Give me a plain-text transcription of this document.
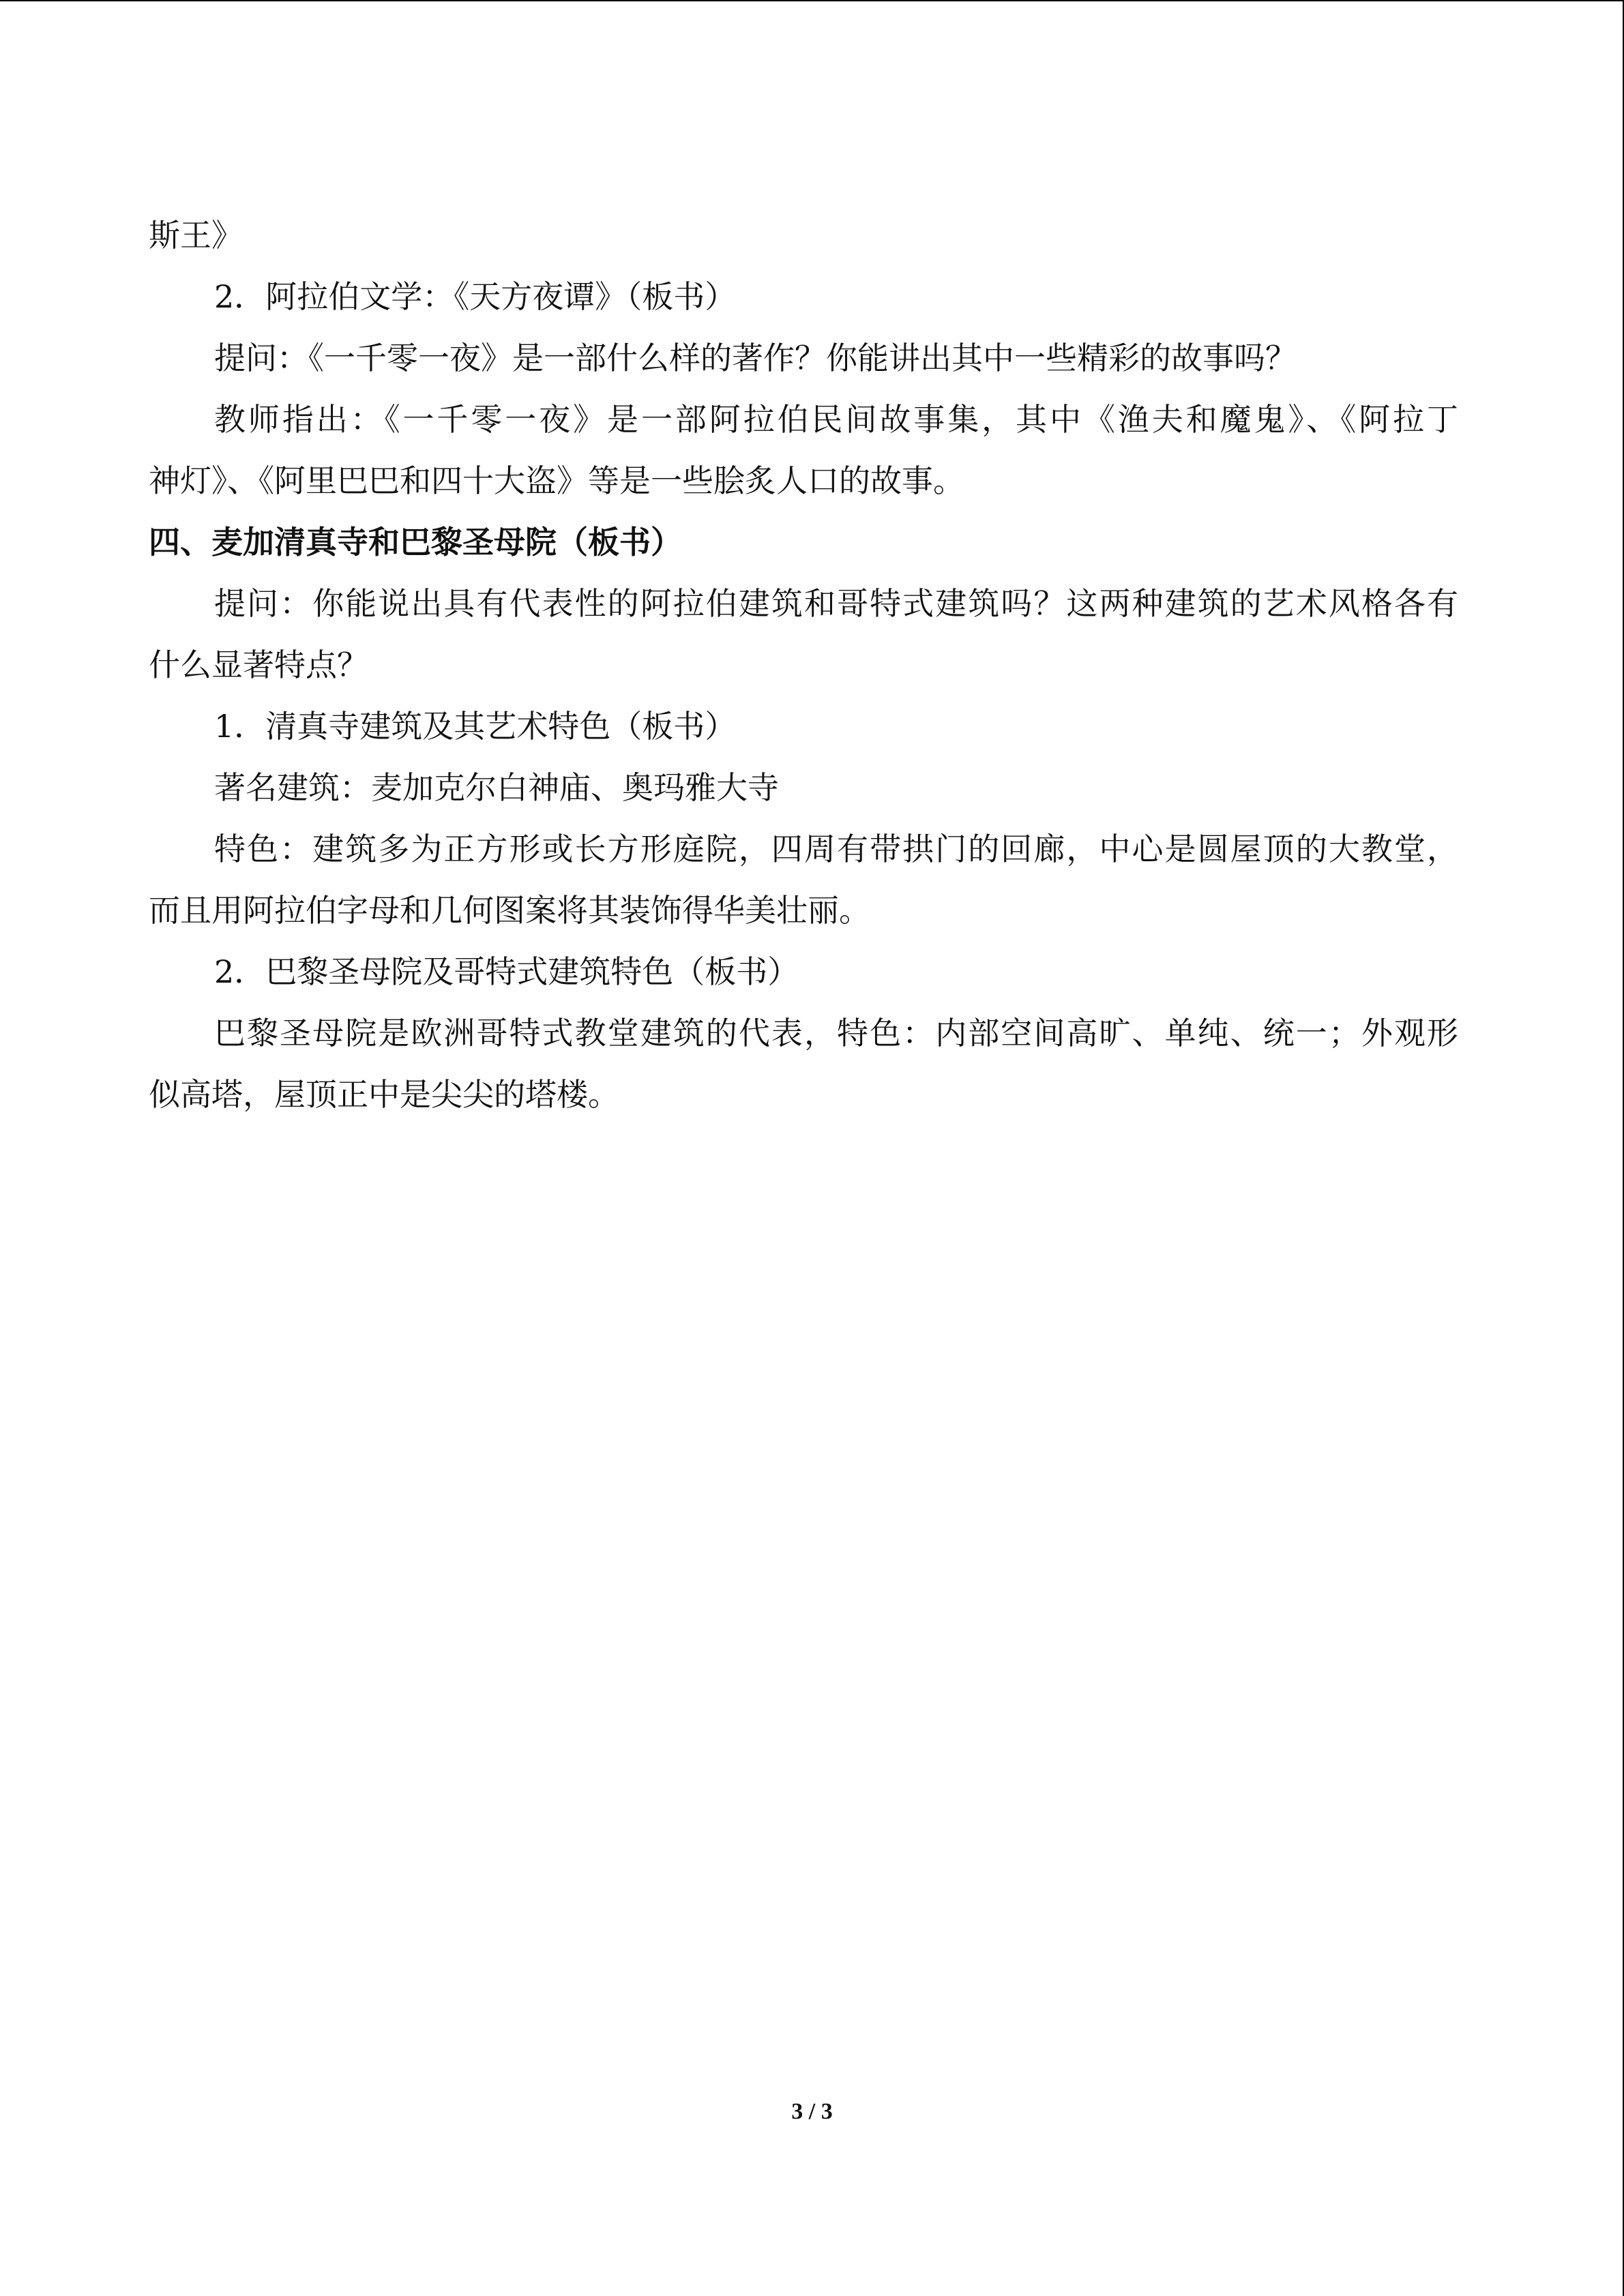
斯王》

2．阿拉伯文学：《天方夜谭》（板书）

提问：《一千零一夜》是一部什么样的著作？你能讲出其中一些精彩的故事吗？

教师指出：《一千零一夜》是一部阿拉伯民间故事集，其中《渔夫和魔鬼》、《阿拉丁

神灯》、《阿里巴巴和四十大盗》等是一些脍炙人口的故事。

四、麦加清真寺和巴黎圣母院（板书）

提问：你能说出具有代表性的阿拉伯建筑和哥特式建筑吗？这两种建筑的艺术风格各有

什么显著特点？

1．清真寺建筑及其艺术特色（板书）

著名建筑：麦加克尔白神庙、奥玛雅大寺

特色：建筑多为正方形或长方形庭院，四周有带拱门的回廊，中心是圆屋顶的大教堂，

而且用阿拉伯字母和几何图案将其装饰得华美壮丽。

2．巴黎圣母院及哥特式建筑特色（板书）

巴黎圣母院是欧洲哥特式教堂建筑的代表，特色：内部空间高旷、单纯、统一；外观形

似高塔，屋顶正中是尖尖的塔楼。

3 / 3
